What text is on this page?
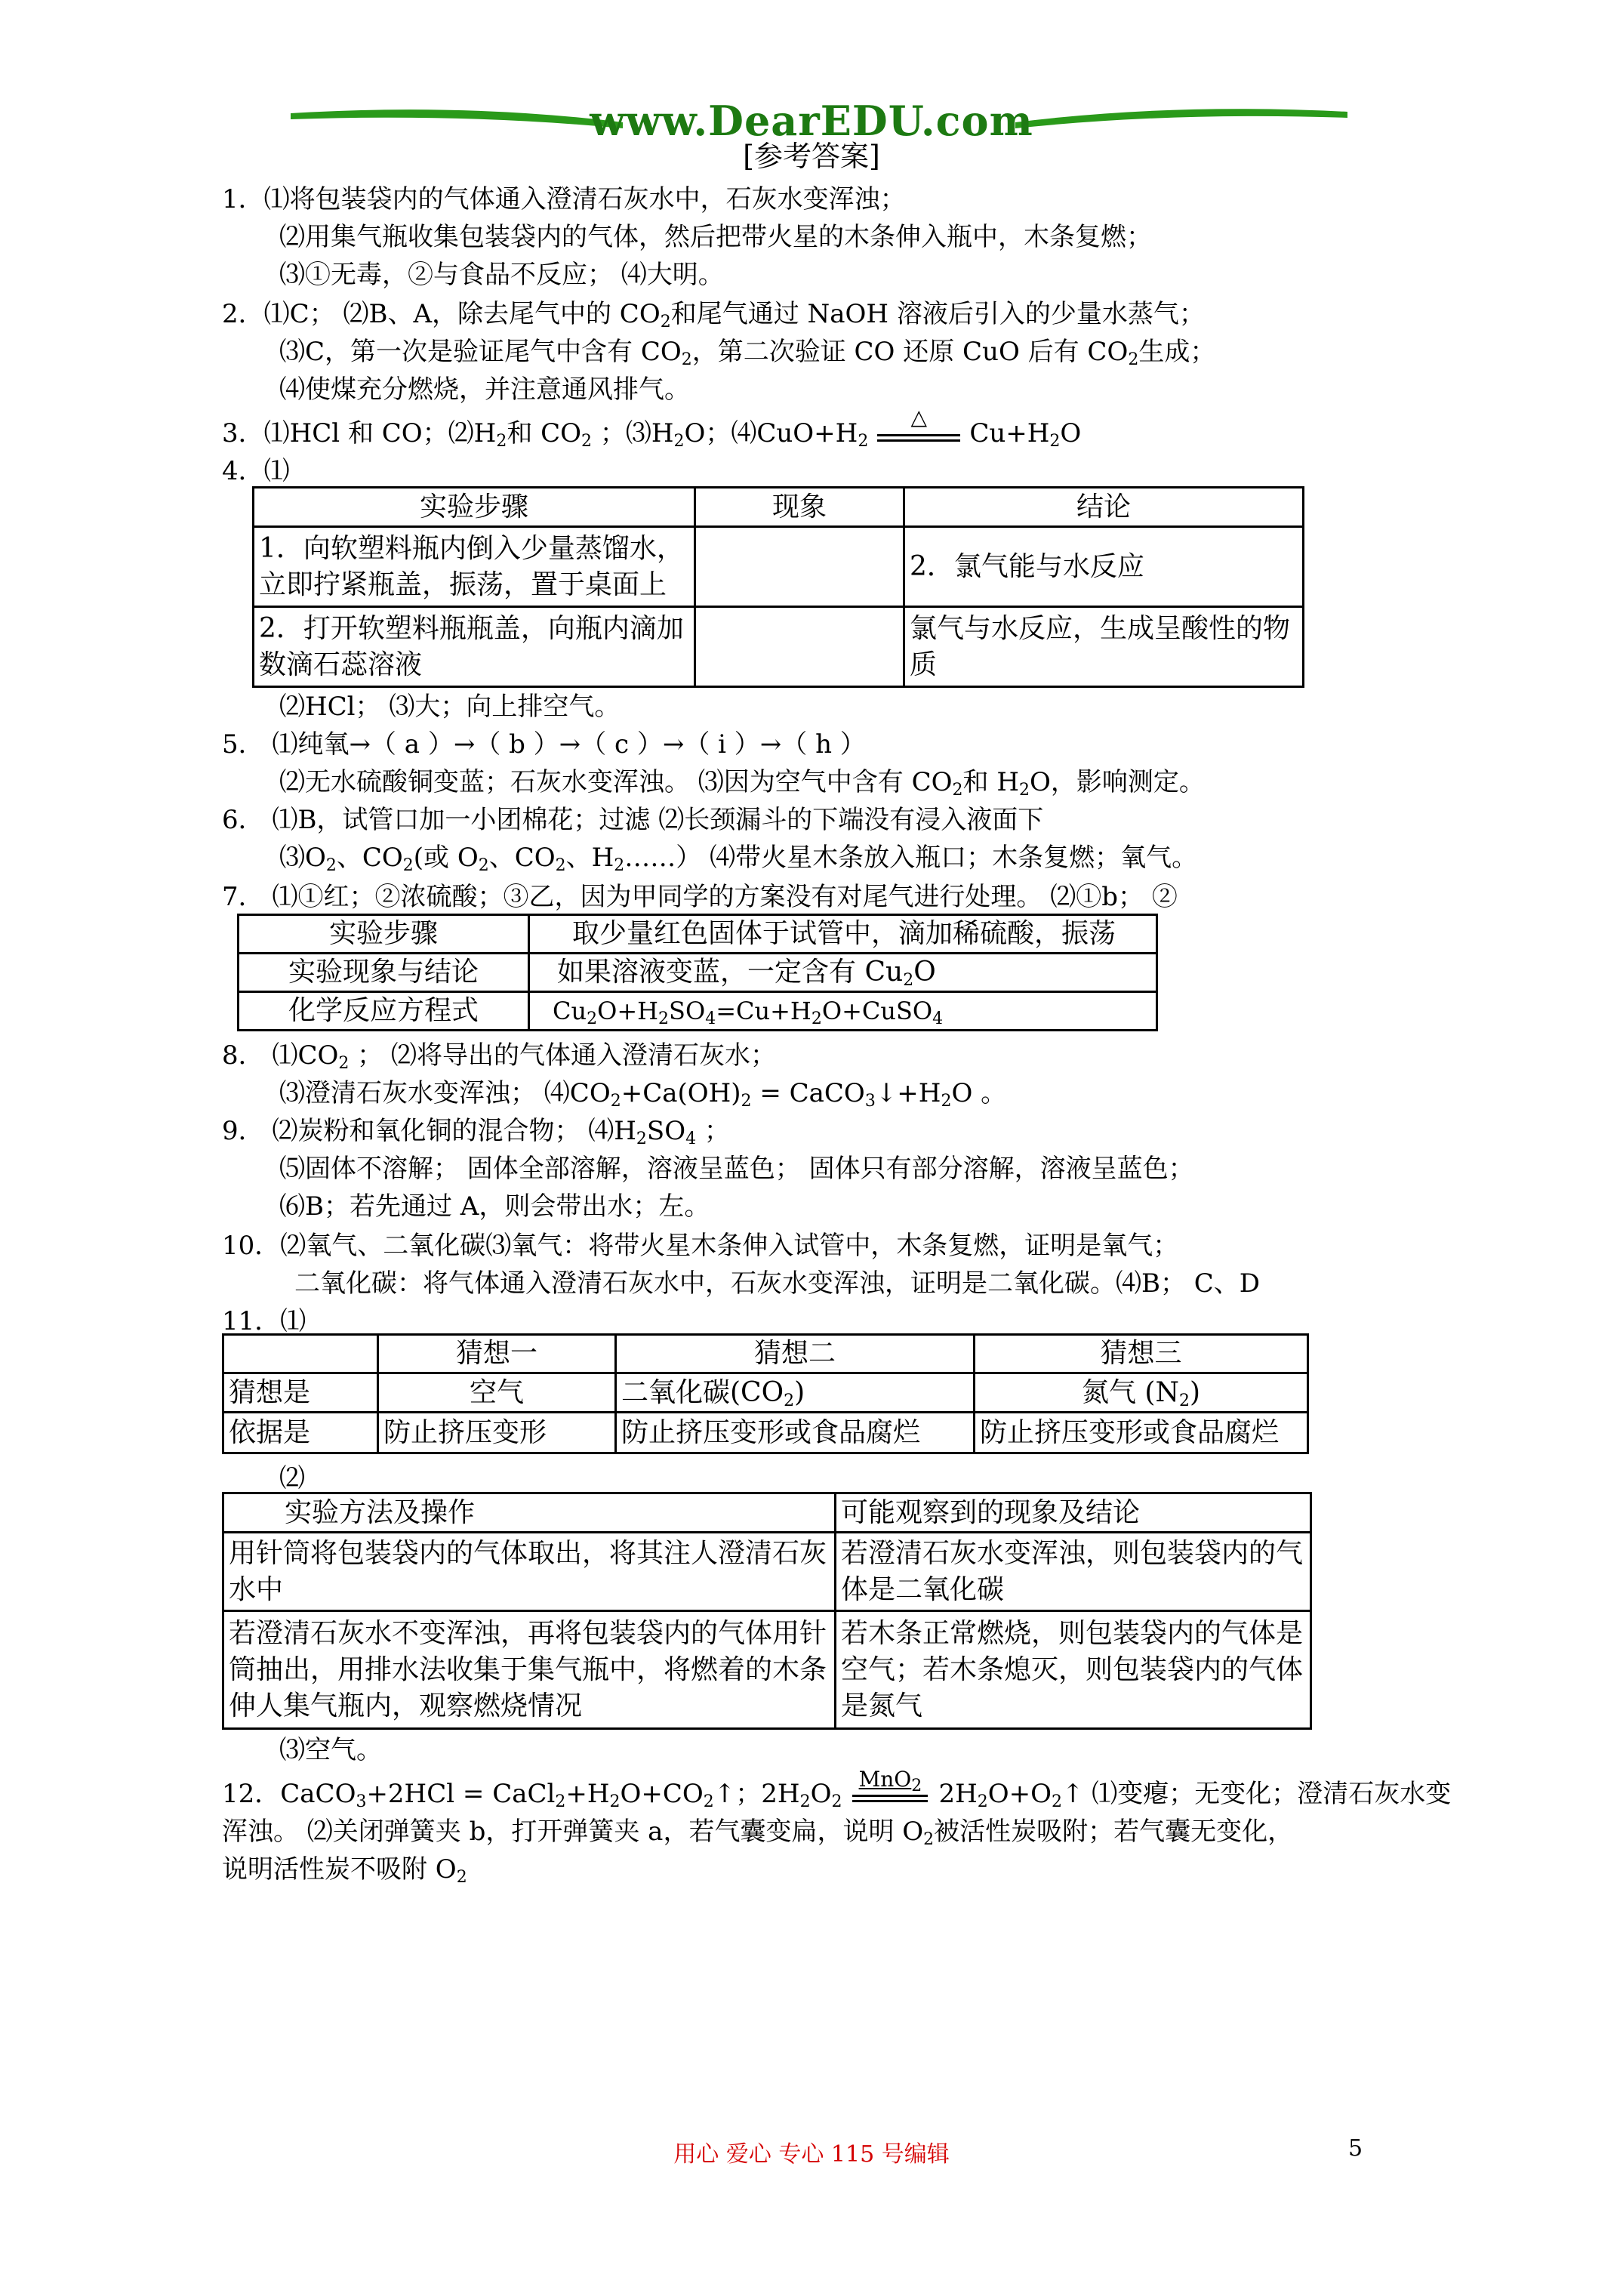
www.DearEDU.com
[参考答案]
1．⑴将包装袋内的气体通入澄清石灰水中，石灰水变浑浊；
⑵用集气瓶收集包装袋内的气体，然后把带火星的木条伸入瓶中，木条复燃；
⑶①无毒，②与食品不反应； ⑷大明。
2．⑴C； ⑵B、A，除去尾气中的 $CO_2$和尾气通过 NaOH 溶液后引入的少量水蒸气；
⑶C，第一次是验证尾气中含有 $CO_2$，第二次验证 CO 还原 CuO 后有 $CO_2$生成；
⑷使煤充分燃烧，并注意通风排气。
3．⑴HCl 和 CO；$⑵H_2$和 $CO_2$ ；$⑶H_2O$；$⑷CuO+H_2$
△
$Cu+H_2O$
4．⑴
实验步骤	现象	结论
1．向软塑料瓶内倒入少量蒸馏水，立即拧紧瓶盖，振荡，置于桌面上		2．氯气能与水反应
2．打开软塑料瓶瓶盖，向瓶内滴加数滴石蕊溶液		氯气与水反应，生成呈酸性的物质
⑵HCl； ⑶大；向上排空气。
5． ⑴纯氧→（ a ）→（ b ）→（ c ）→（ i ）→（ h ）
⑵无水硫酸铜变蓝；石灰水变浑浊。 ⑶因为空气中含有 $CO_2$和 $H_2O$，影响测定。
6． ⑴B，试管口加一小团棉花；过滤 ⑵长颈漏斗的下端没有浸入液面下
$⑶O_2$、$CO_2$(或 $O_2$、$CO_2$、$H_2\dots\dots$） ⑷带火星木条放入瓶口；木条复燃；氧气。
7． ⑴①红；②浓硫酸；③乙，因为甲同学的方案没有对尾气进行处理。 ⑵①b； ②
实验步骤	取少量红色固体于试管中，滴加稀硫酸，振荡
实验现象与结论	如果溶液变蓝，一定含有 $Cu_2O$
化学反应方程式	$Cu_2O+H_2SO_4=Cu+H_2O+CuSO_4$
8． $⑴CO_2$ ； ⑵将导出的气体通入澄清石灰水；
⑶澄清石灰水变浑浊； $⑷CO_2+Ca(OH)_2$ = $CaCO_3↓+H_2O$ 。
9． ⑵炭粉和氧化铜的混合物； $⑷H_2SO_4$ ；
⑸固体不溶解； 固体全部溶解，溶液呈蓝色； 固体只有部分溶解，溶液呈蓝色；
⑹B；若先通过 A，则会带出水；左。
10．⑵氧气、二氧化碳⑶氧气：将带火星木条伸入试管中，木条复燃，证明是氧气；
二氧化碳：将气体通入澄清石灰水中，石灰水变浑浊，证明是二氧化碳。⑷B； C、D
11．⑴
	猜想一	猜想二	猜想三
猜想是	空气	二氧化碳$(CO_2)$	氮气 $(N_2)$
依据是	防止挤压变形	防止挤压变形或食品腐烂	防止挤压变形或食品腐烂
⑵
实验方法及操作	可能观察到的现象及结论
用针筒将包装袋内的气体取出，将其注人澄清石灰水中	若澄清石灰水变浑浊，则包装袋内的气体是二氧化碳
若澄清石灰水不变浑浊，再将包装袋内的气体用针筒抽出，用排水法收集于集气瓶中，将燃着的木条伸人集气瓶内，观察燃烧情况	若木条正常燃烧，则包装袋内的气体是空气；若木条熄灭，则包装袋内的气体是氮气
⑶空气。
12．CaCO$_3$+2HCl = $CaCl_2+H_2O+CO_2↑$；$2H_2O_2$
MnO$_2$ $2H_2O+O_2↑$ ⑴变瘪；无变化；澄清石灰水变
浑浊。 ⑵关闭弹簧夹 b，打开弹簧夹 a，若气囊变扁，说明 $O_2$被活性炭吸附；若气囊无变化，
说明活性炭不吸附 $O_2$
用心 爱心 专心 115 号编辑	5
